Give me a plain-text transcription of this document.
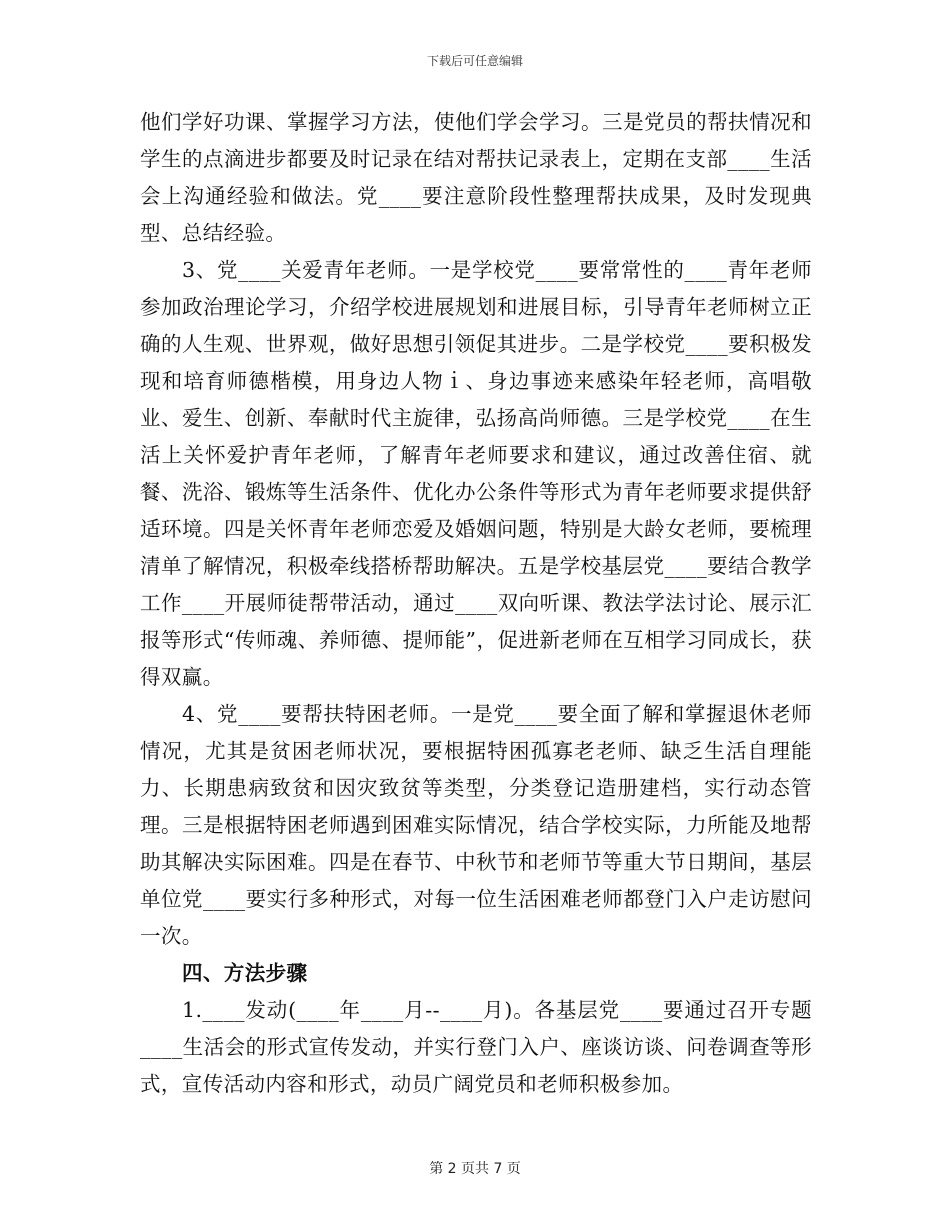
下载后可任意编辑

他们学好功课、掌握学习方法，使他们学会学习。三是党员的帮扶情况和学生的点滴进步都要及时记录在结对帮扶记录表上，定期在支部____生活会上沟通经验和做法。党____要注意阶段性整理帮扶成果，及时发现典型、总结经验。

3、党____关爱青年老师。一是学校党____要常常性的____青年老师参加政治理论学习，介绍学校进展规划和进展目标，引导青年老师树立正确的人生观、世界观，做好思想引领促其进步。二是学校党____要积极发现和培育师德楷模，用身边人物ｉ、身边事迹来感染年轻老师，高唱敬业、爱生、创新、奉献时代主旋律，弘扬高尚师德。三是学校党____在生活上关怀爱护青年老师，了解青年老师要求和建议，通过改善住宿、就餐、洗浴、锻炼等生活条件、优化办公条件等形式为青年老师要求提供舒适环境。四是关怀青年老师恋爱及婚姻问题，特别是大龄女老师，要梳理清单了解情况，积极牵线搭桥帮助解决。五是学校基层党____要结合教学工作____开展师徒帮带活动，通过____双向听课、教法学法讨论、展示汇报等形式“传师魂、养师德、提师能”，促进新老师在互相学习同成长，获得双赢。

4、党____要帮扶特困老师。一是党____要全面了解和掌握退休老师情况，尤其是贫困老师状况，要根据特困孤寡老老师、缺乏生活自理能力、长期患病致贫和因灾致贫等类型，分类登记造册建档，实行动态管理。三是根据特困老师遇到困难实际情况，结合学校实际，力所能及地帮助其解决实际困难。四是在春节、中秋节和老师节等重大节日期间，基层单位党____要实行多种形式，对每一位生活困难老师都登门入户走访慰问一次。

四、方法步骤

1.____发动(____年____月--____月)。各基层党____要通过召开专题____生活会的形式宣传发动，并实行登门入户、座谈访谈、问卷调查等形式，宣传活动内容和形式，动员广阔党员和老师积极参加。

第 2 页共 7 页
